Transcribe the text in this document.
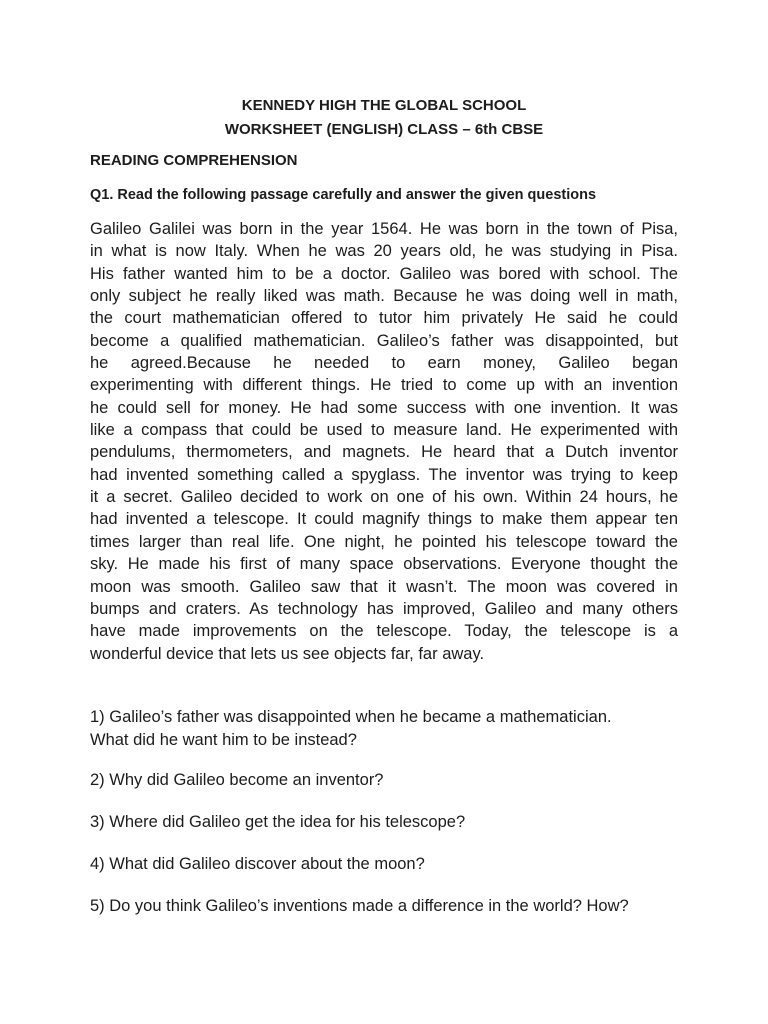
KENNEDY HIGH THE GLOBAL SCHOOL
WORKSHEET (ENGLISH) CLASS – 6th CBSE
READING COMPREHENSION
Q1. Read the following passage carefully and answer the given questions
Galileo Galilei was born in the year 1564. He was born in the town of Pisa,
in what is now Italy. When he was 20 years old, he was studying in Pisa.
His father wanted him to be a doctor. Galileo was bored with school. The
only subject he really liked was math. Because he was doing well in math,
the court mathematician offered to tutor him privately He said he could
become a qualified mathematician. Galileo’s father was disappointed, but
he agreed.Because he needed to earn money, Galileo began
experimenting with different things. He tried to come up with an invention
he could sell for money. He had some success with one invention. It was
like a compass that could be used to measure land. He experimented with
pendulums, thermometers, and magnets. He heard that a Dutch inventor
had invented something called a spyglass. The inventor was trying to keep
it a secret. Galileo decided to work on one of his own. Within 24 hours, he
had invented a telescope. It could magnify things to make them appear ten
times larger than real life. One night, he pointed his telescope toward the
sky. He made his first of many space observations. Everyone thought the
moon was smooth. Galileo saw that it wasn’t. The moon was covered in
bumps and craters. As technology has improved, Galileo and many others
have made improvements on the telescope. Today, the telescope is a
wonderful device that lets us see objects far, far away.
1) Galileo’s father was disappointed when he became a mathematician.
What did he want him to be instead?
2) Why did Galileo become an inventor?
3) Where did Galileo get the idea for his telescope?
4) What did Galileo discover about the moon?
5) Do you think Galileo’s inventions made a difference in the world? How?
